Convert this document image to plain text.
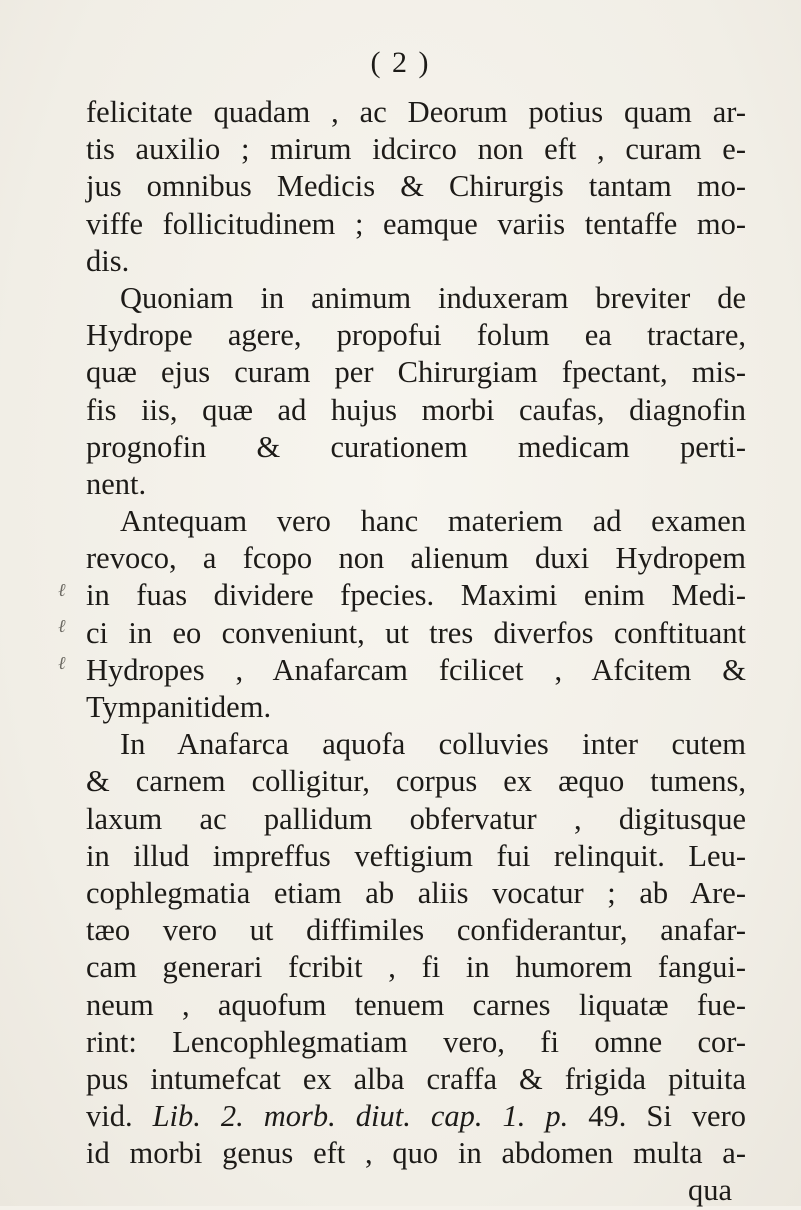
( 2 )
ℓ
ℓ
ℓ
felicitate quadam , ac Deorum potius quam ar-
tis auxilio ; mirum idcirco non eft , curam e-
jus omnibus Medicis & Chirurgis tantam mo-
viffe follicitudinem ; eamque variis tentaffe mo-
dis.
Quoniam in animum induxeram breviter de
Hydrope agere, propofui folum ea tractare,
quæ ejus curam per Chirurgiam fpectant, mis-
fis iis, quæ ad hujus morbi caufas, diagnofin
prognofin & curationem medicam perti-
nent.
Antequam vero hanc materiem ad examen
revoco, a fcopo non alienum duxi Hydropem
in fuas dividere fpecies. Maximi enim Medi-
ci in eo conveniunt, ut tres diverfos conftituant
Hydropes , Anafarcam fcilicet , Afcitem &
Tympanitidem.
In Anafarca aquofa colluvies inter cutem
& carnem colligitur, corpus ex æquo tumens,
laxum ac pallidum obfervatur , digitusque
in illud impreffus veftigium fui relinquit. Leu-
cophlegmatia etiam ab aliis vocatur ; ab Are-
tæo vero ut diffimiles confiderantur, anafar-
cam generari fcribit , fi in humorem fangui-
neum , aquofum tenuem carnes liquatæ fue-
rint: Lencophlegmatiam vero, fi omne cor-
pus intumefcat ex alba craffa & frigida pituita
vid. Lib. 2. morb. diut. cap. 1. p. 49. Si vero
id morbi genus eft , quo in abdomen multa a-
qua
